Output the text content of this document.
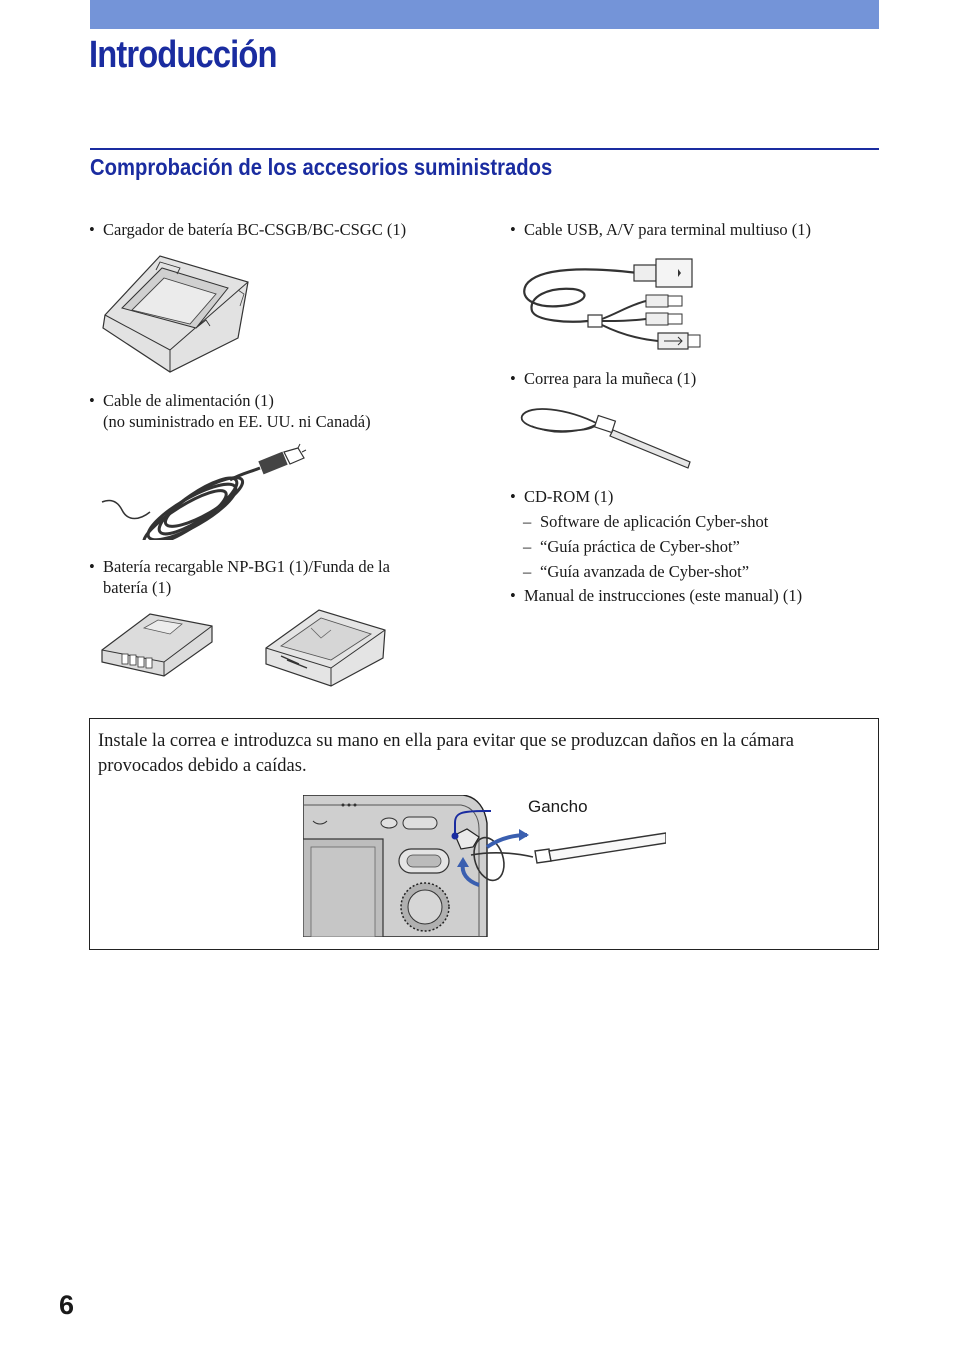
Introducción
Comprobación de los accesorios suministrados
• Cargador de batería BC-CSGB/BC-CSGC (1)
• Cable de alimentación (1)
(no suministrado en EE. UU. ni Canadá)
• Batería recargable NP-BG1 (1)/Funda de la
batería (1)
• Cable USB, A/V para terminal multiuso (1)
• Correa para la muñeca (1)
• CD-ROM (1)
– Software de aplicación Cyber-shot
– “Guía práctica de Cyber-shot”
– “Guía avanzada de Cyber-shot”
• Manual de instrucciones (este manual) (1)
Instale la correa e introduzca su mano en ella para evitar que se produzcan daños en la cámara provocados debido a caídas.
Gancho
6
